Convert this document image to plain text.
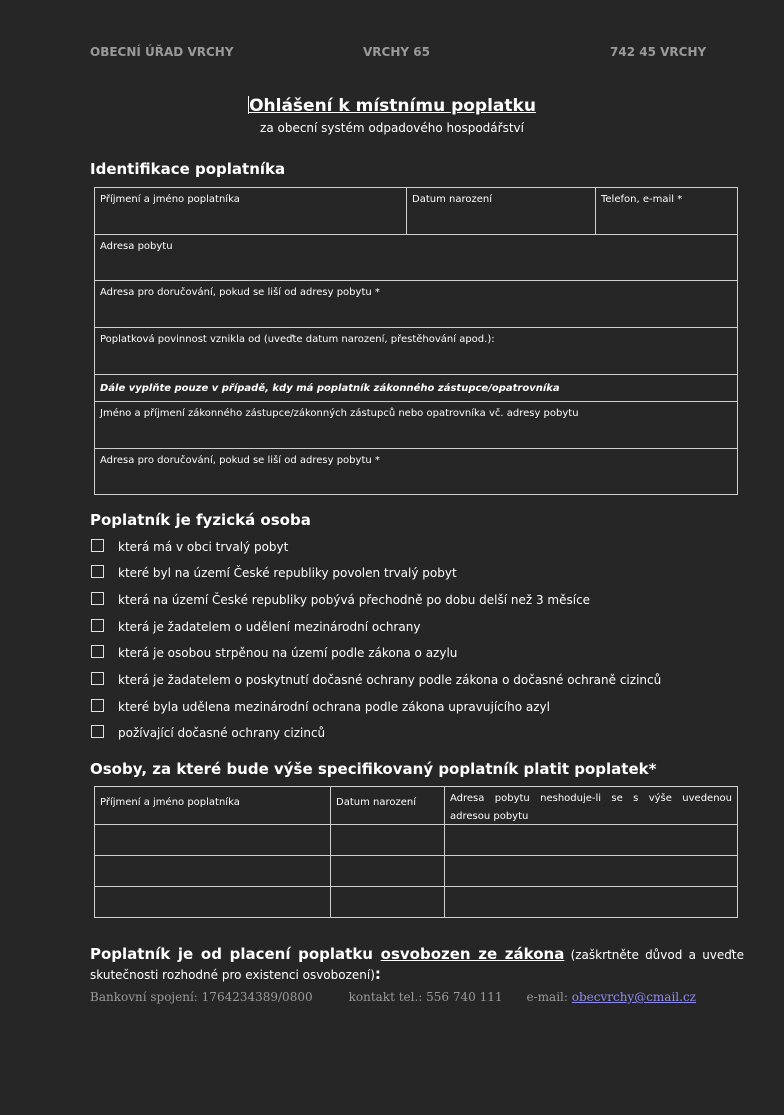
OBECNÍ ÚŘAD VRCHY	VRCHY 65	742 45 VRCHY
Ohlášení k místnímu poplatku
za obecní systém odpadového hospodářství
Identifikace poplatníka
Příjmení a jméno poplatníka	Datum narození	Telefon, e-mail *
Adresa pobytu
Adresa pro doručování, pokud se liší od adresy pobytu *
Poplatková povinnost vznikla od (uveďte datum narození, přestěhování apod.):
Dále vyplňte pouze v případě, kdy má poplatník zákonného zástupce/opatrovníka
Jméno a příjmení zákonného zástupce/zákonných zástupců nebo opatrovníka vč. adresy pobytu
Adresa pro doručování, pokud se liší od adresy pobytu *
Poplatník je fyzická osoba
která má v obci trvalý pobyt
které byl na území České republiky povolen trvalý pobyt
která na území České republiky pobývá přechodně po dobu delší než 3 měsíce
která je žadatelem o udělení mezinárodní ochrany
která je osobou strpěnou na území podle zákona o azylu
která je žadatelem o poskytnutí dočasné ochrany podle zákona o dočasné ochraně cizinců
které byla udělena mezinárodní ochrana podle zákona upravujícího azyl
požívající dočasné ochrany cizinců
Osoby, za které bude výše specifikovaný poplatník platit poplatek*
Příjmení a jméno poplatníka	Datum narození	Adresa pobytu neshoduje-li se s výše uvedenou adresou pobytu
Poplatník je od placení poplatku osvobozen ze zákona (zaškrtněte důvod a uveďte skutečnosti rozhodné pro existenci osvobození):
Bankovní spojení: 1764234389/0800	kontakt tel.: 556 740 111 e-mail: obecvrchy@cmail.cz
